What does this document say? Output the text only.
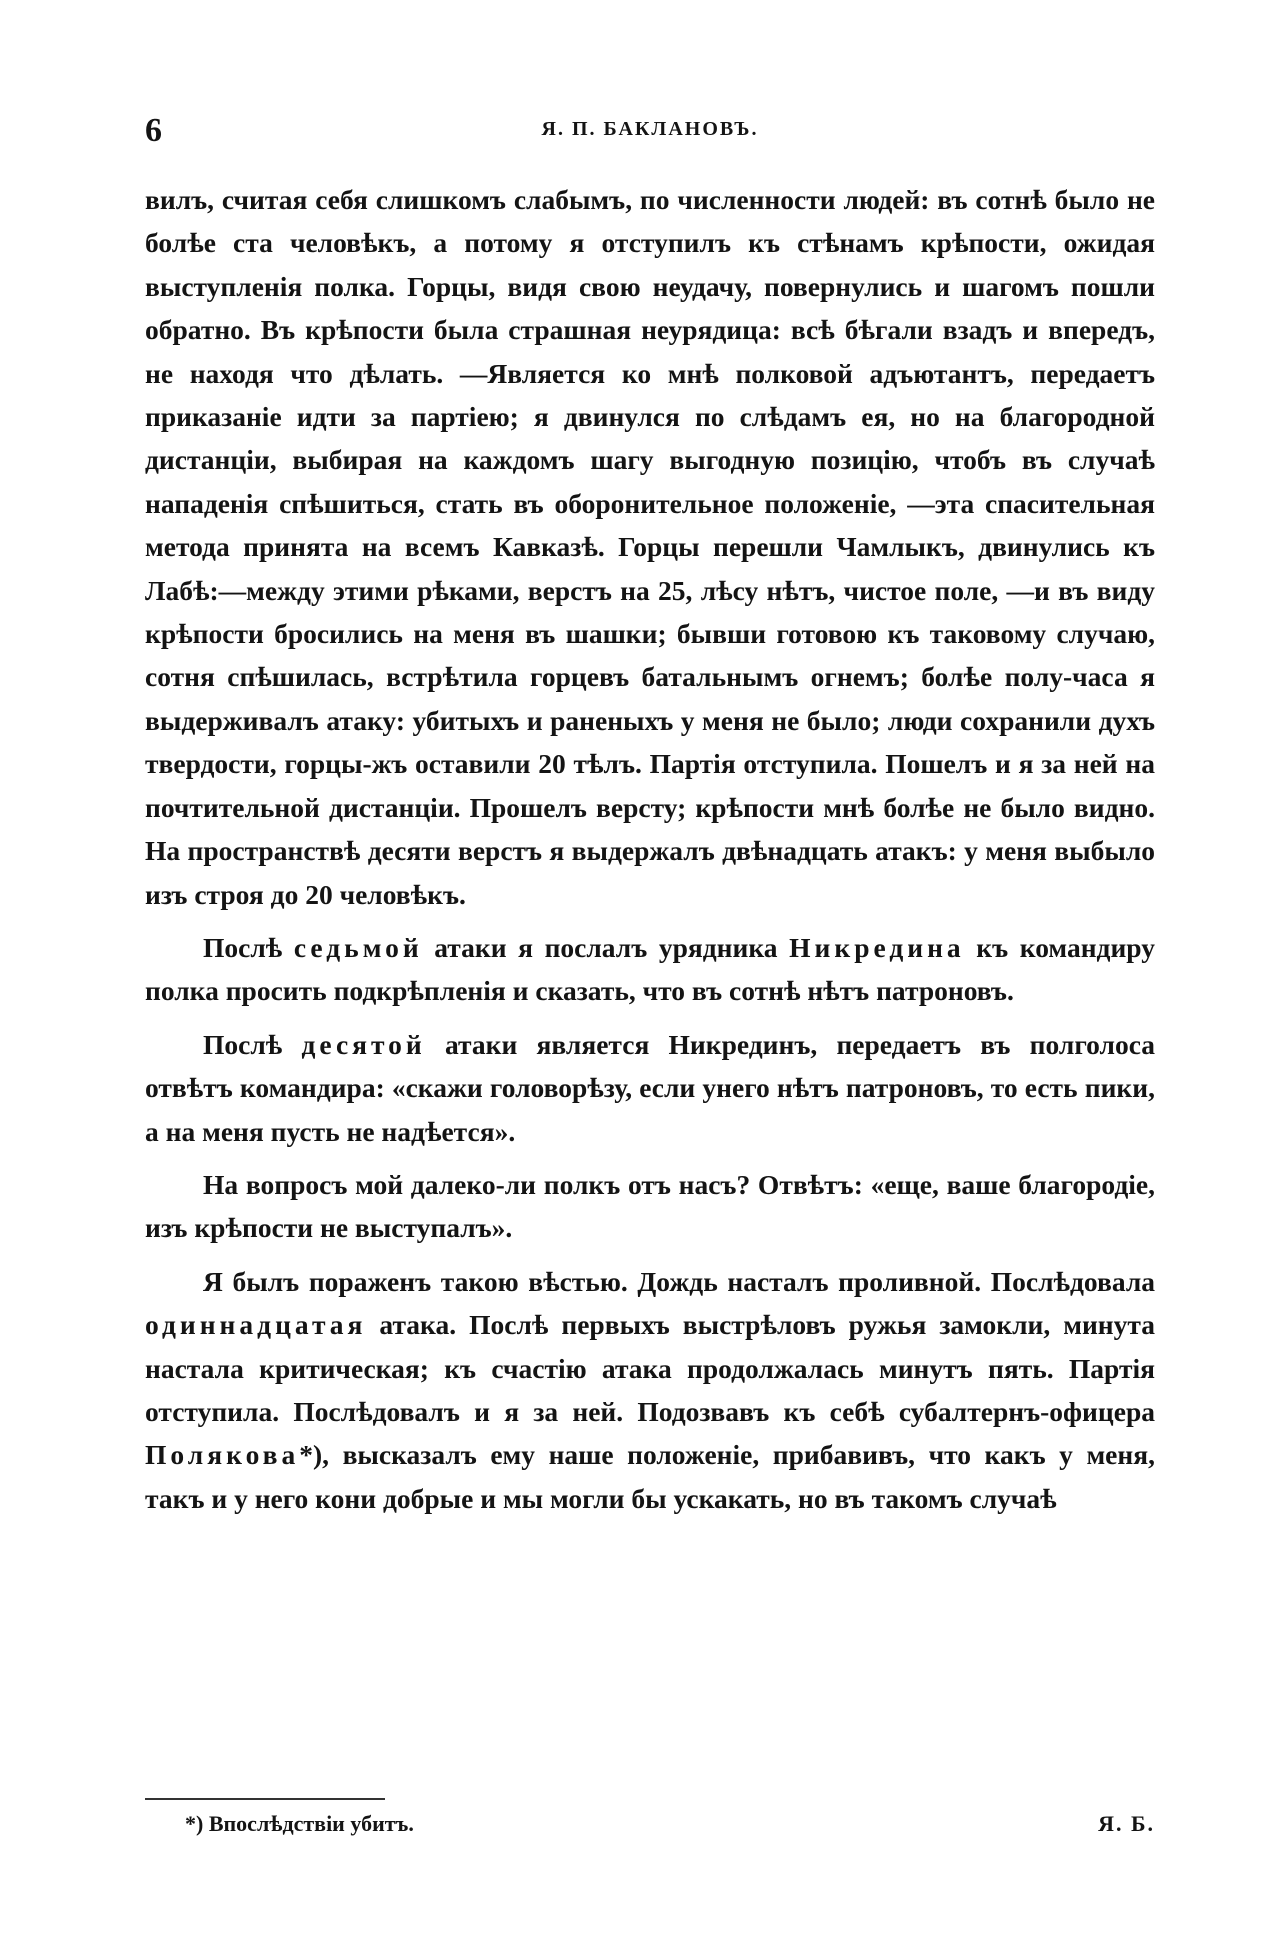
6	Я. П. БАКЛАНОВЪ.

вилъ, считая себя слишкомъ слабымъ, по численности людей: въ сотнѣ было не болѣе ста человѣкъ, а потому я отступилъ къ стѣнамъ крѣпости, ожидая выступленія полка. Горцы, видя свою неудачу, повернулись и шагомъ пошли обратно. Въ крѣпости была страшная неурядица: всѣ бѣгали взадъ и впередъ, не находя что дѣлать. —Является ко мнѣ полковой адъютантъ, передаетъ приказаніе идти за партіею; я двинулся по слѣдамъ ея, но на благородной дистанціи, выбирая на каждомъ шагу выгодную позицію, чтобъ въ случаѣ нападенія спѣшиться, стать въ оборонительное положеніе, —эта спасительная метода принята на всемъ Кавказѣ. Горцы перешли Чамлыкъ, двинулись къ Лабѣ:—между этими рѣками, верстъ на 25, лѣсу нѣтъ, чистое поле, —и въ виду крѣпости бросились на меня въ шашки; бывши готовою къ таковому случаю, сотня спѣшилась, встрѣтила горцевъ батальнымъ огнемъ; болѣе полу-часа я выдерживалъ атаку: убитыхъ и раненыхъ у меня не было; люди сохранили духъ твердости, горцы-жъ оставили 20 тѣлъ. Партія отступила. Пошелъ и я за ней на почтительной дистанціи. Прошелъ версту; крѣпости мнѣ болѣе не было видно. На пространствѣ десяти верстъ я выдержалъ двѣнадцать атакъ: у меня выбыло изъ строя до 20 человѣкъ.

Послѣ седьмой атаки я послалъ урядника Никредина къ командиру полка просить подкрѣпленія и сказать, что въ сотнѣ нѣтъ патроновъ.

Послѣ десятой атаки является Никрединъ, передаетъ въ полголоса отвѣтъ командира: «скажи головорѣзу, если унего нѣтъ патроновъ, то есть пики, а на меня пусть не надѣется».

На вопросъ мой далеко-ли полкъ отъ насъ? Отвѣтъ: «еще, ваше благородіе, изъ крѣпости не выступалъ».

Я былъ пораженъ такою вѣстью. Дождь насталъ проливной. Послѣдовала одиннадцатая атака. Послѣ первыхъ выстрѣловъ ружья замокли, минута настала критическая; къ счастію атака продолжалась минутъ пять. Партія отступила. Послѣдовалъ и я за ней. Подозвавъ къ себѣ субалтернъ-офицера Полякова*), высказалъ ему наше положеніе, прибавивъ, что какъ у меня, такъ и у него кони добрые и мы могли бы ускакать, но въ такомъ случаѣ

*) Впослѣдствіи убитъ.	Я. Б.
